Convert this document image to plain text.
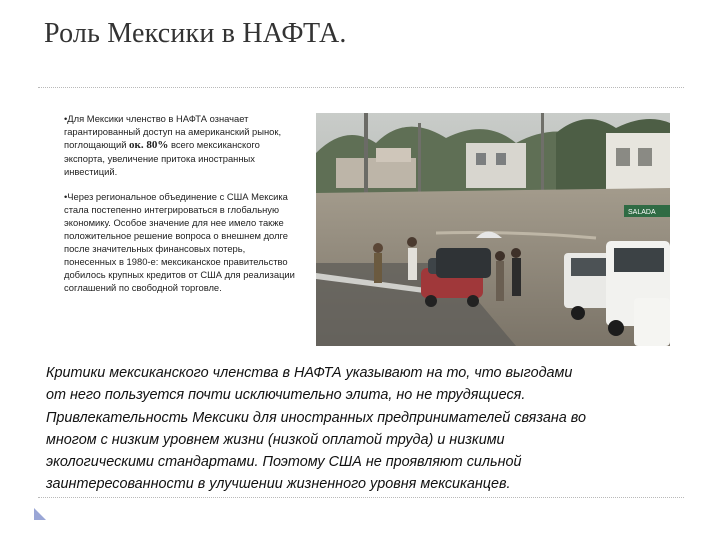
Роль Мексики в НАФТА.

•Для Мексики членство в НАФТА означает гарантированный доступ на американский рынок, поглощающий ок. 80% всего мексиканского экспорта, увеличение притока иностранных инвестиций.

•Через региональное объединение с США Мексика стала постепенно интегрироваться в глобальную экономику. Особое значение для нее имело также положительное решение вопроса о внешнем долге после значительных финансовых потерь, понесенных в 1980-е: мексиканское правительство добилось крупных кредитов от США для реализации соглашений по свободной торговле.

SALADA
Критики мексиканского членства в НАФТА указывают на то, что выгодами
от него пользуется почти исключительно элита, но не трудящиеся.
Привлекательность Мексики для иностранных предпринимателей связана во
многом с низким уровнем жизни (низкой оплатой труда) и низкими
экологическими стандартами. Поэтому США не проявляют сильной
заинтересованности в улучшении жизненного уровня мексиканцев.
